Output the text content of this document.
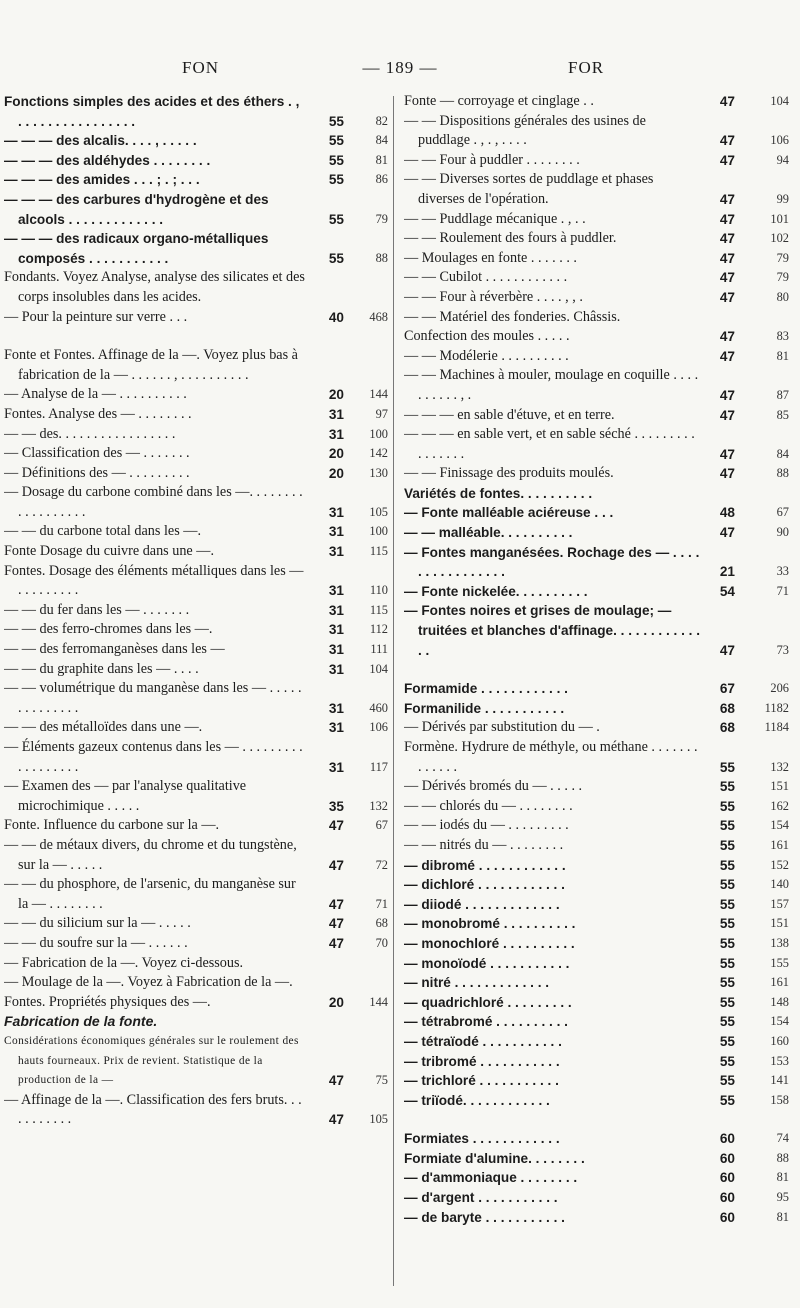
FON	— 189 —	FOR
Fonctions simples des acides et des éthers . , . . . . . . . . . . . . . . . .	55	82
— — — des alcalis. . . . , . . . . .	55	84
— — — des aldéhydes . . . . . . . .	55	81
— — — des amides . . . ; . ; . . .	55	86
— — — des carbures d'hydrogène et des alcools . . . . . . . . . . . . .	55	79
— — — des radicaux organo-métalliques composés . . . . . . . . . . .	55	88
Fondants. Voyez Analyse, analyse des silicates et des corps insolubles dans les acides.
— Pour la peinture sur verre . . .	40	468
Fonte et Fontes. Affinage de la —. Voyez plus bas à fabrication de la — . . . . . . , . . . . . . . . . .
— Analyse de la — . . . . . . . . . .	20	144
Fontes. Analyse des — . . . . . . . .	31	97
— — des. . . . . . . . . . . . . . . . .	31	100
— Classification des — . . . . . . .	20	142
— Définitions des — . . . . . . . . .	20	130
— Dosage du carbone combiné dans les —. . . . . . . . . . . . . . . . . .	31	105
— — du carbone total dans les —.	31	100
Fonte Dosage du cuivre dans une —.	31	115
Fontes. Dosage des éléments métalliques dans les — . . . . . . . . .	31	110
— — du fer dans les — . . . . . . .	31	115
— — des ferro-chromes dans les —.	31	112
— — des ferromanganèses dans les —	31	111
— — du graphite dans les — . . . .	31	104
— — volumétrique du manganèse dans les — . . . . . . . . . . . . . .	31	460
— — des métalloïdes dans une —.	31	106
— Éléments gazeux contenus dans les — . . . . . . . . . . . . . . . . . .	31	117
— Examen des — par l'analyse qualitative microchimique . . . . .	35	132
Fonte. Influence du carbone sur la —.	47	67
— — de métaux divers, du chrome et du tungstène, sur la — . . . . .	47	72
— — du phosphore, de l'arsenic, du manganèse sur la — . . . . . . . .	47	71
— — du silicium sur la — . . . . .	47	68
— — du soufre sur la — . . . . . .	47	70
— Fabrication de la —. Voyez ci-dessous.
— Moulage de la —. Voyez à Fabrication de la —.
Fontes. Propriétés physiques des —.	20	144
Fabrication de la fonte.
Considérations économiques générales sur le roulement des hauts fourneaux. Prix de revient. Statistique de la production de la —	47	75
— Affinage de la —. Classification des fers bruts. . . . . . . . . . .	47	105
Fonte — corroyage et cinglage . .	47	104
— — Dispositions générales des usines de puddlage . , . , . . . .	47	106
— — Four à puddler . . . . . . . .	47	94
— — Diverses sortes de puddlage et phases diverses de l'opération.	47	99
— — Puddlage mécanique . , . .	47	101
— — Roulement des fours à puddler.	47	102
— Moulages en fonte . . . . . . .	47	79
— — Cubilot . . . . . . . . . . . .	47	79
— — Four à réverbère . . . . , , .	47	80
— — Matériel des fonderies. Châssis.
Confection des moules . . . . .	47	83
— — Modélerie . . . . . . . . . .	47	81
— — Machines à mouler, moulage en coquille . . . . . . . . . . , .	47	87
— — — en sable d'étuve, et en terre.	47	85
— — — en sable vert, et en sable séché . . . . . . . . . . . . . . . .	47	84
— — Finissage des produits moulés.	47	88
Variétés de fontes. . . . . . . . . .
— Fonte malléable aciéreuse . . .	48	67
— — malléable. . . . . . . . . .	47	90
— Fontes manganésées. Rochage des — . . . . . . . . . . . . . . . .	21	33
— Fonte nickelée. . . . . . . . . .	54	71
— Fontes noires et grises de moulage; — truitées et blanches d'affinage. . . . . . . . . . . . . .	47	73
Formamide . . . . . . . . . . . .	67	206
Formanilide . . . . . . . . . . .	68	1182
— Dérivés par substitution du — .	68	1184
Formène. Hydrure de méthyle, ou méthane . . . . . . . . . . . . .	55	132
— Dérivés bromés du — . . . . .	55	151
— — chlorés du — . . . . . . . .	55	162
— — iodés du — . . . . . . . . .	55	154
— — nitrés du — . . . . . . . .	55	161
— dibromé . . . . . . . . . . . .	55	152
— dichloré . . . . . . . . . . . .	55	140
— diiodé . . . . . . . . . . . . .	55	157
— monobromé . . . . . . . . . .	55	151
— monochloré . . . . . . . . . .	55	138
— monoïodé . . . . . . . . . . .	55	155
— nitré . . . . . . . . . . . . .	55	161
— quadrichloré . . . . . . . . .	55	148
— tétrabromé . . . . . . . . . .	55	154
— tétraïodé . . . . . . . . . . .	55	160
— tribromé . . . . . . . . . . .	55	153
— trichloré . . . . . . . . . . .	55	141
— triïodé. . . . . . . . . . . .	55	158
Formiates . . . . . . . . . . . .	60	74
Formiate d'alumine. . . . . . . .	60	88
— d'ammoniaque . . . . . . . .	60	81
— d'argent . . . . . . . . . . .	60	95
— de baryte . . . . . . . . . . .	60	81
